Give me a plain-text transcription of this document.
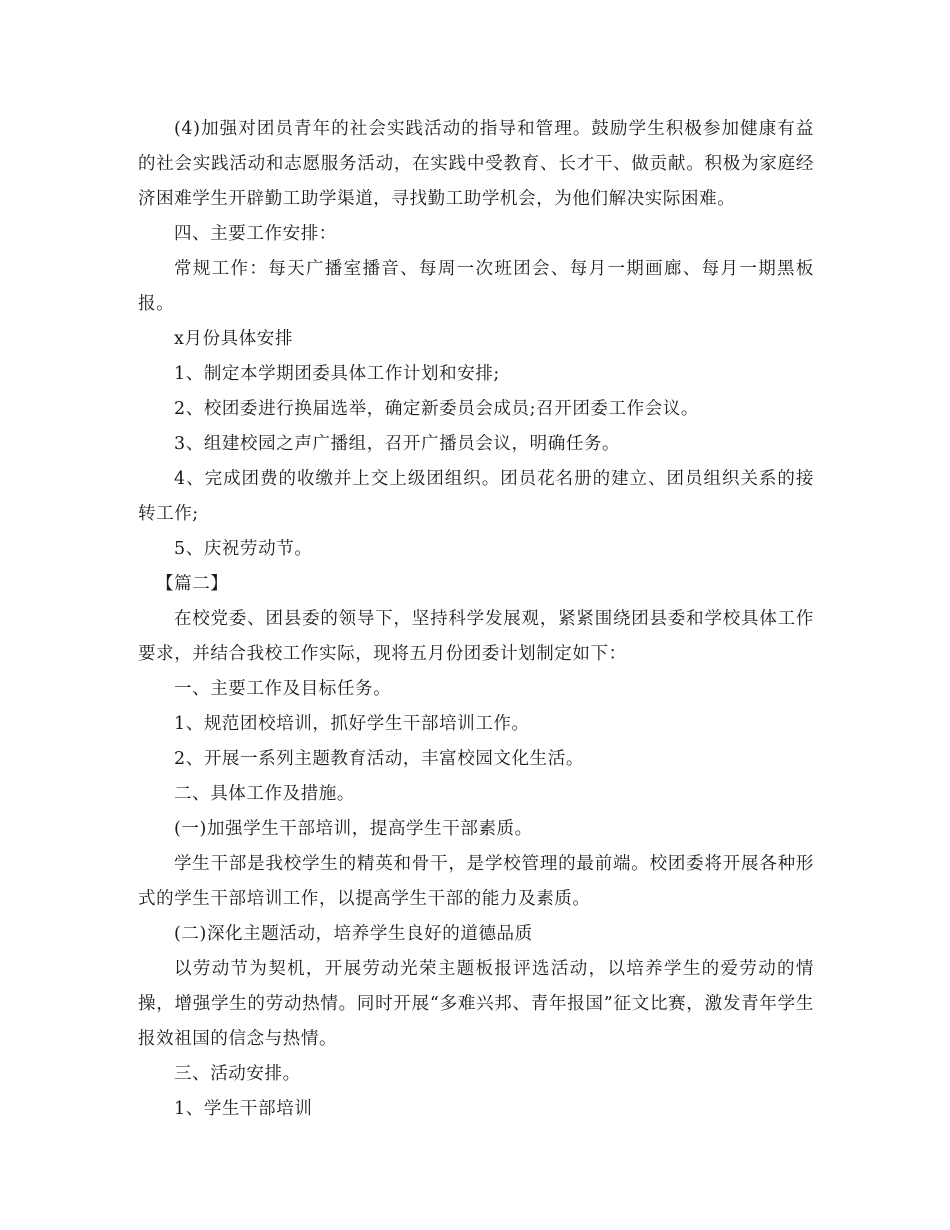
(4)加强对团员青年的社会实践活动的指导和管理。鼓励学生积极参加健康有益的社会实践活动和志愿服务活动，在实践中受教育、长才干、做贡献。积极为家庭经济困难学生开辟勤工助学渠道，寻找勤工助学机会，为他们解决实际困难。

四、主要工作安排：

常规工作：每天广播室播音、每周一次班团会、每月一期画廊、每月一期黑板报。

x月份具体安排

1、制定本学期团委具体工作计划和安排;

2、校团委进行换届选举，确定新委员会成员;召开团委工作会议。

3、组建校园之声广播组，召开广播员会议，明确任务。

4、完成团费的收缴并上交上级团组织。团员花名册的建立、团员组织关系的接转工作;

5、庆祝劳动节。

【篇二】

在校党委、团县委的领导下，坚持科学发展观，紧紧围绕团县委和学校具体工作要求，并结合我校工作实际，现将五月份团委计划制定如下：

一、主要工作及目标任务。

1、规范团校培训，抓好学生干部培训工作。

2、开展一系列主题教育活动，丰富校园文化生活。

二、具体工作及措施。

(一)加强学生干部培训，提高学生干部素质。

学生干部是我校学生的精英和骨干，是学校管理的最前端。校团委将开展各种形式的学生干部培训工作，以提高学生干部的能力及素质。

(二)深化主题活动，培养学生良好的道德品质

以劳动节为契机，开展劳动光荣主题板报评选活动，以培养学生的爱劳动的情操，增强学生的劳动热情。同时开展“多难兴邦、青年报国”征文比赛，激发青年学生报效祖国的信念与热情。

三、活动安排。

1、学生干部培训
